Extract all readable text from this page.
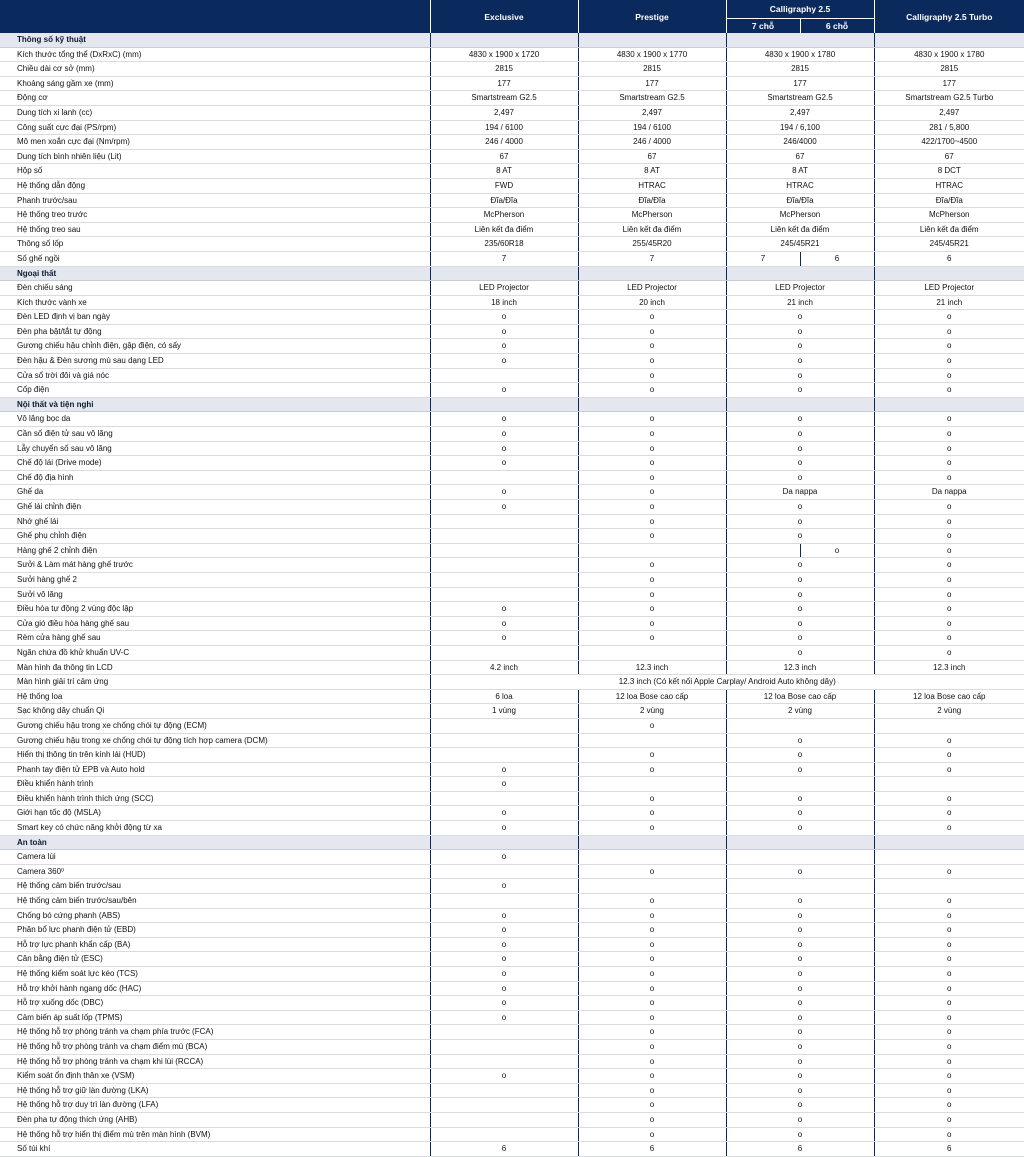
	Exclusive	Prestige	Calligraphy 2.5		Calligraphy 2.5 Turbo
			7 chỗ	6 chỗ	
Thông số kỹ thuật					
Kích thước tổng thể (DxRxC) (mm)	4830 x 1900 x 1720	4830 x 1900 x 1770	4830 x 1900 x 1780		4830 x 1900 x 1780
Chiều dài cơ sở (mm)	2815	2815	2815		2815
Khoảng sáng gầm xe (mm)	177	177	177		177
Động cơ	Smartstream G2.5	Smartstream G2.5	Smartstream G2.5		Smartstream G2.5 Turbo
Dung tích xi lanh (cc)	2,497	2,497	2,497		2,497
Công suất cực đại (PS/rpm)	194 / 6100	194 / 6100	194 / 6,100		281 / 5,800
Mô men xoắn cực đại (Nm/rpm)	246 / 4000	246 / 4000	246/4000		422/1700~4500
Dung tích bình nhiên liệu (Lit)	67	67	67		67
Hộp số	8 AT	8 AT	8 AT		8 DCT
Hệ thống dẫn động	FWD	HTRAC	HTRAC		HTRAC
Phanh trước/sau	Đĩa/Đĩa	Đĩa/Đĩa	Đĩa/Đĩa		Đĩa/Đĩa
Hệ thống treo trước	McPherson	McPherson	McPherson		McPherson
Hệ thống treo sau	Liên kết đa điểm	Liên kết đa điểm	Liên kết đa điểm		Liên kết đa điểm
Thông số lốp	235/60R18	255/45R20	245/45R21		245/45R21
Số ghế ngồi	7	7	7	6	6
Ngoại thất					
Đèn chiếu sáng	LED Projector	LED Projector	LED Projector		LED Projector
Kích thước vành xe	18 inch	20 inch	21 inch		21 inch
Đèn LED định vị ban ngày	o	o	o		o
Đèn pha bật/tắt tự động	o	o	o		o
Gương chiếu hậu chỉnh điện, gập điện, có sấy	o	o	o		o
Đèn hậu & Đèn sương mù sau dạng LED	o	o	o		o
Cửa sổ trời đôi và giá nóc		o	o		o
Cốp điện	o	o	o		o
Nội thất và tiện nghi					
Vô lăng bọc da	o	o	o		o
Cần số điện tử sau vô lăng	o	o	o		o
Lẫy chuyển số sau vô lăng	o	o	o		o
Chế độ lái (Drive mode)	o	o	o		o
Chế độ địa hình		o	o		o
Ghế da	o	o	Da nappa		Da nappa
Ghế lái chỉnh điện	o	o	o		o
Nhớ ghế lái		o	o		o
Ghế phụ chỉnh điện		o	o		o
Hàng ghế 2 chỉnh điện				o	o
Sưởi & Làm mát hàng ghế trước		o	o		o
Sưởi hàng ghế 2		o	o		o
Sưởi vô lăng		o	o		o
Điều hòa tự động 2 vùng độc lập	o	o	o		o
Cửa gió điều hòa hàng ghế sau	o	o	o		o
Rèm cửa hàng ghế sau	o	o	o		o
Ngăn chứa đồ khử khuẩn UV-C			o		o
Màn hình đa thông tin LCD	4.2 inch	12.3 inch	12.3 inch		12.3 inch
Màn hình giải trí cảm ứng	12.3 inch (Có kết nối Apple Carplay/ Android Auto không dây)				
Hệ thống loa	6 loa	12 loa Bose cao cấp	12 loa Bose cao cấp		12 loa Bose cao cấp
Sạc không dây chuẩn Qi	1 vùng	2 vùng	2 vùng		2 vùng
Gương chiếu hậu trong xe chống chói tự động (ECM)		o			
Gương chiếu hậu trong xe chống chói tự động tích hợp camera (DCM)			o		o
Hiển thị thông tin trên kính lái (HUD)		o	o		o
Phanh tay điện tử EPB và Auto hold	o	o	o		o
Điều khiển hành trình	o				
Điều khiển hành trình thích ứng (SCC)		o	o		o
Giới hạn tốc độ (MSLA)	o	o	o		o
Smart key có chức năng khởi động từ xa	o	o	o		o
An toàn					
Camera lùi	o				
Camera 360⁰		o	o		o
Hệ thống cảm biến trước/sau	o				
Hệ thống cảm biến trước/sau/bên		o	o		o
Chống bó cứng phanh (ABS)	o	o	o		o
Phân bổ lực phanh điện tử (EBD)	o	o	o		o
Hỗ trợ lực phanh khẩn cấp (BA)	o	o	o		o
Cân bằng điện tử (ESC)	o	o	o		o
Hệ thống kiểm soát lực kéo (TCS)	o	o	o		o
Hỗ trợ khởi hành ngang dốc (HAC)	o	o	o		o
Hỗ trợ xuống dốc (DBC)	o	o	o		o
Cảm biến áp suất lốp (TPMS)	o	o	o		o
Hệ thống hỗ trợ phòng tránh va chạm phía trước (FCA)		o	o		o
Hệ thống hỗ trợ phòng tránh va chạm điểm mù (BCA)		o	o		o
Hệ thống hỗ trợ phòng tránh va chạm khi lùi (RCCA)		o	o		o
Kiểm soát ổn định thân xe (VSM)	o	o	o		o
Hệ thống hỗ trợ giữ làn đường (LKA)		o	o		o
Hệ thống hỗ trợ duy trì làn đường (LFA)		o	o		o
Đèn pha tự động thích ứng (AHB)		o	o		o
Hệ thống hỗ trợ hiển thị điểm mù trên màn hình (BVM)		o	o		o
Số túi khí	6	6	6		6
